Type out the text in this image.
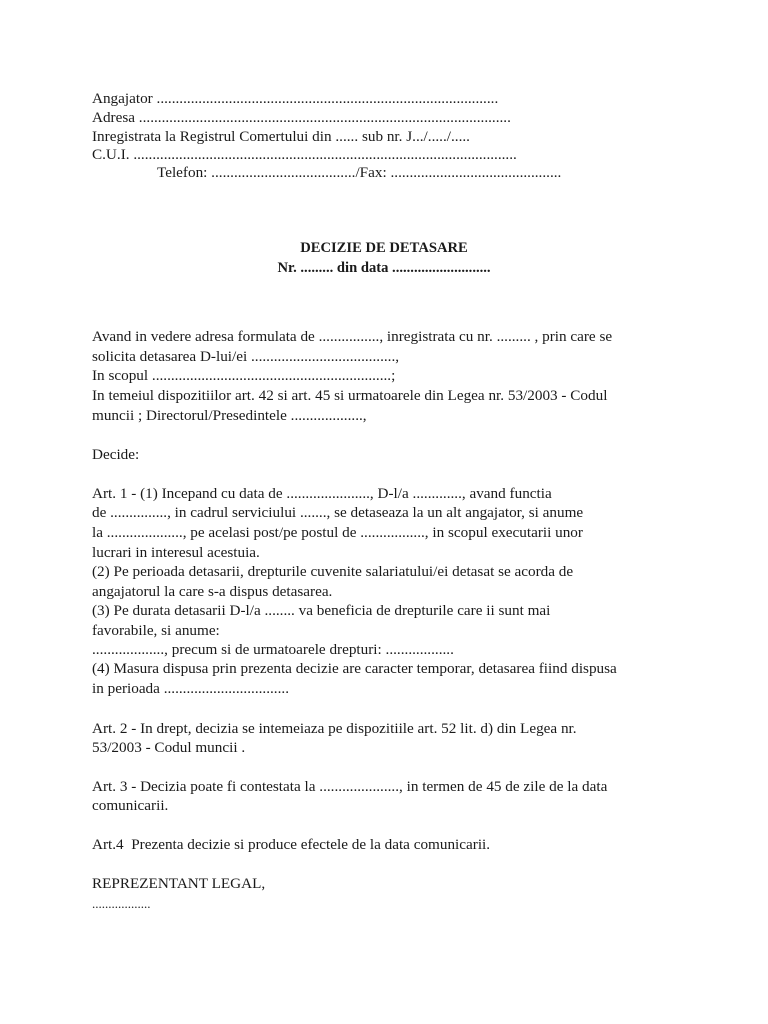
Angajator ..........................................................................................
Adresa ..................................................................................................
Inregistrata la Registrul Comertului din ...... sub nr. J.../...../.....
C.U.I. .....................................................................................................
Telefon: ....................................../Fax: .............................................
DECIZIE DE DETASARE
Nr. ......... din data ...........................
Avand in vedere adresa formulata de ................, inregistrata cu nr. ......... , prin care se
solicita detasarea D-lui/ei ......................................,
In scopul ...............................................................;
In temeiul dispozitiilor art. 42 si art. 45 si urmatoarele din Legea nr. 53/2003 - Codul
muncii ; Directorul/Presedintele ...................,
Decide:
Art. 1 - (1) Incepand cu data de ......................, D-l/a ............., avand functia
de ..............., in cadrul serviciului ......., se detaseaza la un alt angajator, si anume
la ...................., pe acelasi post/pe postul de ................., in scopul executarii unor
lucrari in interesul acestuia.
(2) Pe perioada detasarii, drepturile cuvenite salariatului/ei detasat se acorda de
angajatorul la care s-a dispus detasarea.
(3) Pe durata detasarii D-l/a ........ va beneficia de drepturile care ii sunt mai
favorabile, si anume:
..................., precum si de urmatoarele drepturi: ..................
(4) Masura dispusa prin prezenta decizie are caracter temporar, detasarea fiind dispusa
in perioada .................................
Art. 2 - In drept, decizia se intemeiaza pe dispozitiile art. 52 lit. d) din Legea nr.
53/2003 - Codul muncii .
Art. 3 - Decizia poate fi contestata la ....................., in termen de 45 de zile de la data
comunicarii.
Art.4  Prezenta decizie si produce efectele de la data comunicarii.
REPREZENTANT LEGAL,
..................
